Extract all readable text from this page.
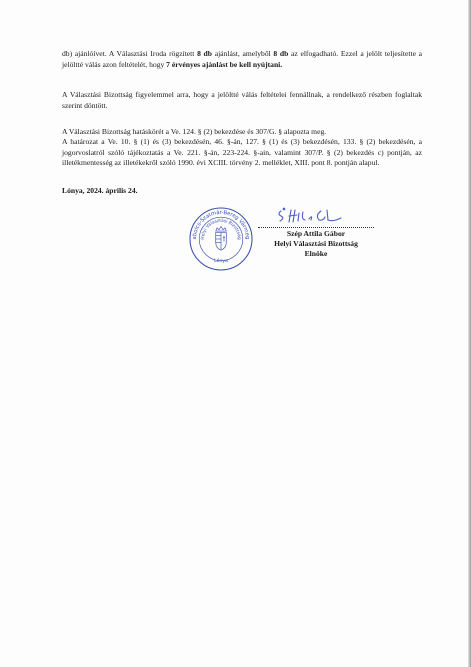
db) ajánlóívet. A Választási Iroda rögzített 8 db ajánlást, amelyből 8 db az elfogadható. Ezzel a jelölt teljesítette a jelöltté válás azon feltételét, hogy 7 érvényes ajánlást be kell nyújtani.
A Választási Bizottság figyelemmel arra, hogy a jelöltté válás feltételei fennállnak, a rendelkező részben foglaltak szerint döntött.
A Választási Bizottság hatáskörét a Ve. 124. § (2) bekezdése és 307/G. § alapozta meg.
A határozat a Ve. 10. § (1) és (3) bekezdésén, 46. §-án, 127. § (1) és (3) bekezdésén, 133. § (2) bekezdésén, a jogorvoslatról szóló tájékoztatás a Ve. 221. §-án, 223-224. §-ain, valamint 307/P. § (2) bekezdés c) pontján, az illetékmentesség az illetékekről szóló 1990. évi XCIII. törvény 2. melléklet, XIII. pont 8. pontján alapul.
Lónya, 2024. április 24.
abolcs-Szatmár-Bereg Vármeg
Helyi Választási Bizottság
Lónya
Szép Attila Gábor
Helyi Választási Bizottság
Elnöke
